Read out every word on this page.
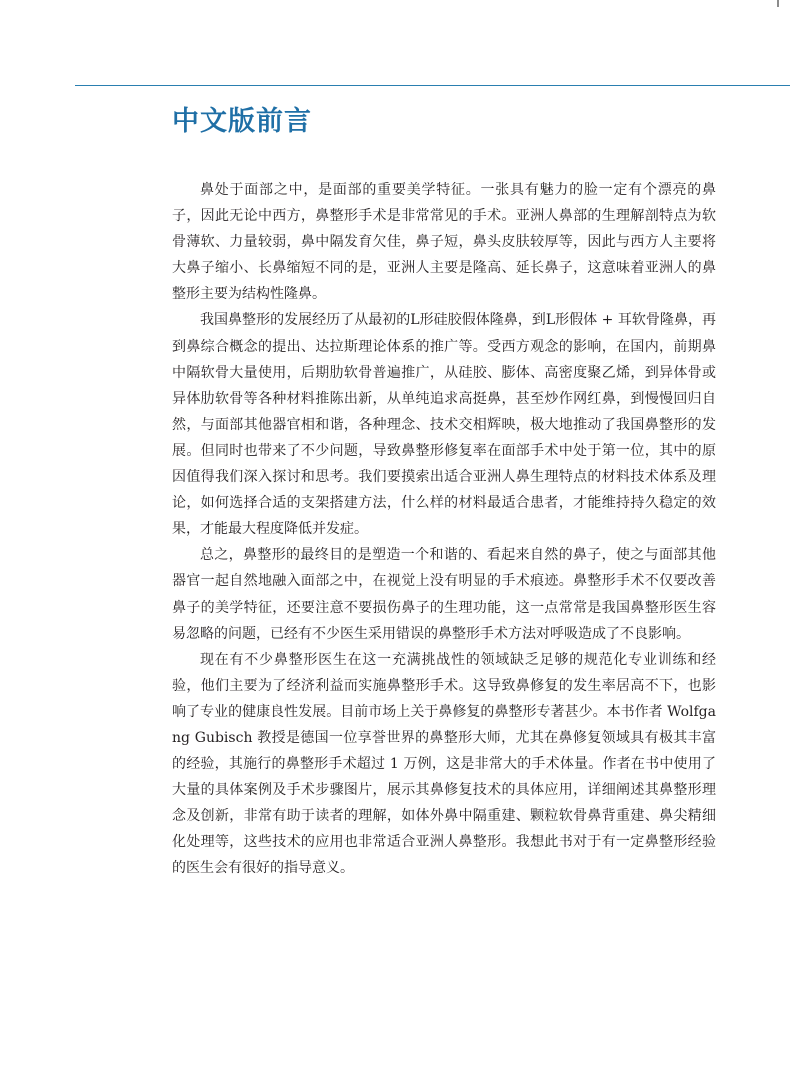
中文版前言

鼻处于面部之中，是面部的重要美学特征。一张具有魅力的脸一定有个漂亮的鼻子，因此无论中西方，鼻整形手术是非常常见的手术。亚洲人鼻部的生理解剖特点为软骨薄软、力量较弱，鼻中隔发育欠佳，鼻子短，鼻头皮肤较厚等，因此与西方人主要将大鼻子缩小、长鼻缩短不同的是，亚洲人主要是隆高、延长鼻子，这意味着亚洲人的鼻整形主要为结构性隆鼻。

我国鼻整形的发展经历了从最初的L形硅胶假体隆鼻，到L形假体 + 耳软骨隆鼻，再到鼻综合概念的提出、达拉斯理论体系的推广等。受西方观念的影响，在国内，前期鼻中隔软骨大量使用，后期肋软骨普遍推广，从硅胶、膨体、高密度聚乙烯，到异体骨或异体肋软骨等各种材料推陈出新，从单纯追求高挺鼻，甚至炒作网红鼻，到慢慢回归自然，与面部其他器官相和谐，各种理念、技术交相辉映，极大地推动了我国鼻整形的发展。但同时也带来了不少问题，导致鼻整形修复率在面部手术中处于第一位，其中的原因值得我们深入探讨和思考。我们要摸索出适合亚洲人鼻生理特点的材料技术体系及理论，如何选择合适的支架搭建方法，什么样的材料最适合患者，才能维持持久稳定的效果，才能最大程度降低并发症。

总之，鼻整形的最终目的是塑造一个和谐的、看起来自然的鼻子，使之与面部其他器官一起自然地融入面部之中，在视觉上没有明显的手术痕迹。鼻整形手术不仅要改善鼻子的美学特征，还要注意不要损伤鼻子的生理功能，这一点常常是我国鼻整形医生容易忽略的问题，已经有不少医生采用错误的鼻整形手术方法对呼吸造成了不良影响。

现在有不少鼻整形医生在这一充满挑战性的领域缺乏足够的规范化专业训练和经验，他们主要为了经济利益而实施鼻整形手术。这导致鼻修复的发生率居高不下，也影响了专业的健康良性发展。目前市场上关于鼻修复的鼻整形专著甚少。本书作者 Wolfgang Gubisch 教授是德国一位享誉世界的鼻整形大师，尤其在鼻修复领域具有极其丰富的经验，其施行的鼻整形手术超过 1 万例，这是非常大的手术体量。作者在书中使用了大量的具体案例及手术步骤图片，展示其鼻修复技术的具体应用，详细阐述其鼻整形理念及创新，非常有助于读者的理解，如体外鼻中隔重建、颗粒软骨鼻背重建、鼻尖精细化处理等，这些技术的应用也非常适合亚洲人鼻整形。我想此书对于有一定鼻整形经验的医生会有很好的指导意义。
